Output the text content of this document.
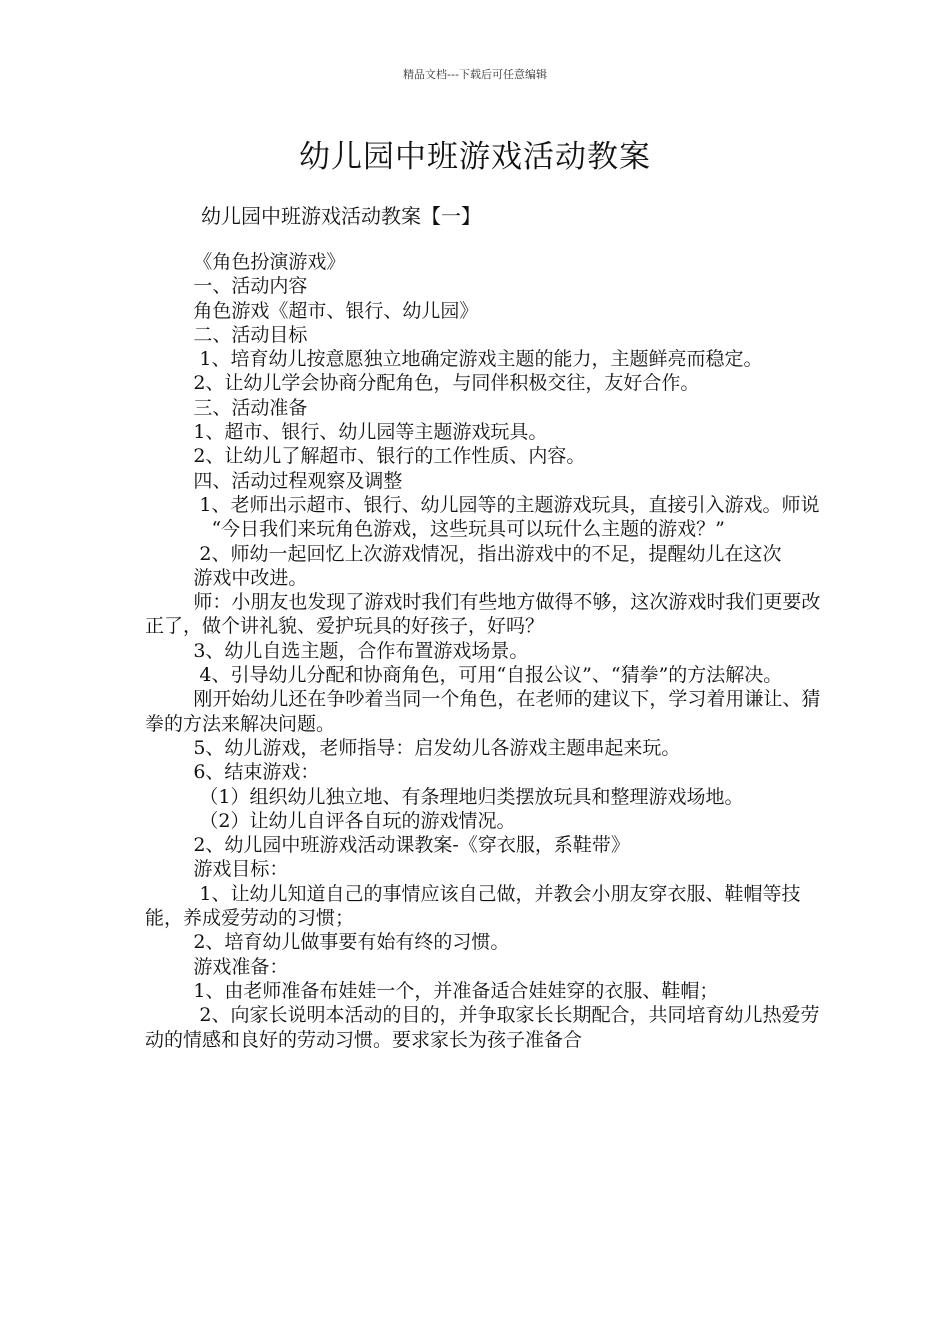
精品文档---下载后可任意编辑
幼儿园中班游戏活动教案
幼儿园中班游戏活动教案【一】

《角色扮演游戏》

一、活动内容

角色游戏《超市、银行、幼儿园》

二、活动目标

1、培育幼儿按意愿独立地确定游戏主题的能力，主题鲜亮而稳定。

2、让幼儿学会协商分配角色，与同伴积极交往，友好合作。

三、活动准备

1、超市、银行、幼儿园等主题游戏玩具。

2、让幼儿了解超市、银行的工作性质、内容。

四、活动过程观察及调整

1、老师出示超市、银行、幼儿园等的主题游戏玩具，直接引入游戏。师说

“今日我们来玩角色游戏，这些玩具可以玩什么主题的游戏？”

2、师幼一起回忆上次游戏情况，指出游戏中的不足，提醒幼儿在这次

游戏中改进。

师：小朋友也发现了游戏时我们有些地方做得不够，这次游戏时我们更要改正了，做个讲礼貌、爱护玩具的好孩子，好吗？

3、幼儿自选主题，合作布置游戏场景。

4、引导幼儿分配和协商角色，可用“自报公议”、“猜拳”的方法解决。

刚开始幼儿还在争吵着当同一个角色，在老师的建议下，学习着用谦让、猜拳的方法来解决问题。

5、幼儿游戏，老师指导：启发幼儿各游戏主题串起来玩。

6、结束游戏：

（1）组织幼儿独立地、有条理地归类摆放玩具和整理游戏场地。

（2）让幼儿自评各自玩的游戏情况。

2、幼儿园中班游戏活动课教案-《穿衣服，系鞋带》

游戏目标：

1、让幼儿知道自己的事情应该自己做，并教会小朋友穿衣服、鞋帽等技能，养成爱劳动的习惯；

2、培育幼儿做事要有始有终的习惯。

游戏准备：

1、由老师准备布娃娃一个，并准备适合娃娃穿的衣服、鞋帽；

2、向家长说明本活动的目的，并争取家长长期配合，共同培育幼儿热爱劳动的情感和良好的劳动习惯。要求家长为孩子准备合
